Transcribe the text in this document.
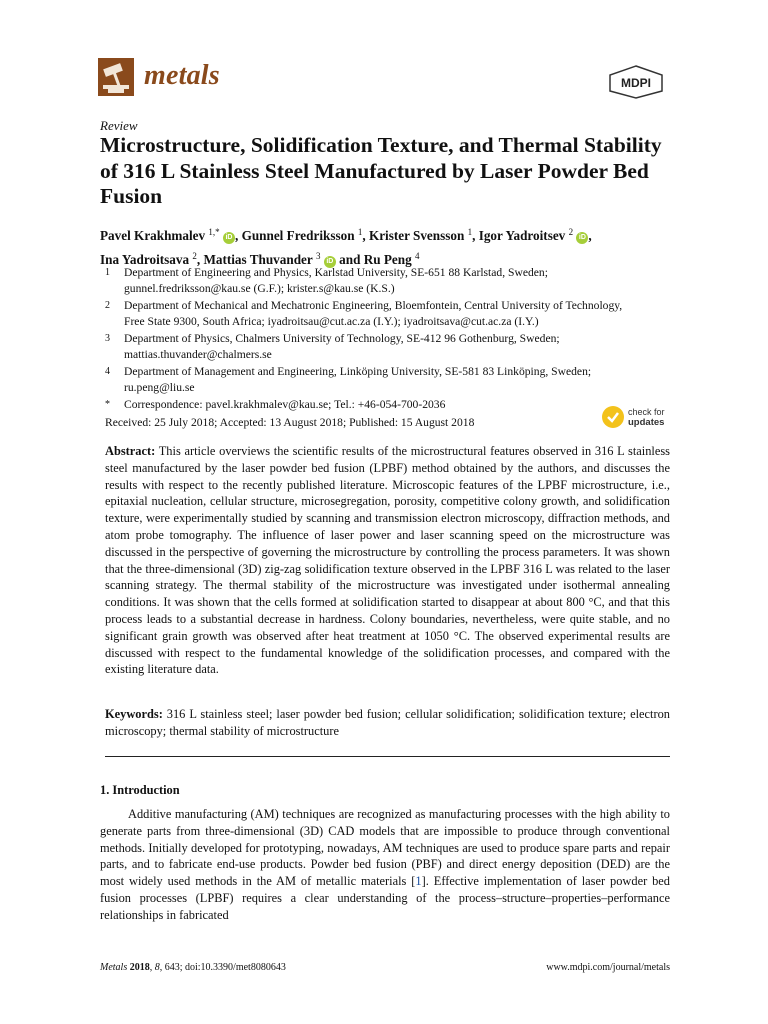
metals	MDPI
Review
Microstructure, Solidification Texture, and Thermal Stability of 316 L Stainless Steel Manufactured by Laser Powder Bed Fusion
Pavel Krakhmalev $^{1,*}$ iD , Gunnel Fredriksson $^1$, Krister Svensson $^1$, Igor Yadroitsev $^2$ iD ,
Ina Yadroitsava $^2$, Mattias Thuvander $^3$ iD and Ru Peng $^4$
1	Department of Engineering and Physics, Karlstad University, SE-651 88 Karlstad, Sweden;
gunnel.fredriksson@kau.se (G.F.); krister.s@kau.se (K.S.)
2	Department of Mechanical and Mechatronic Engineering, Bloemfontein, Central University of Technology,
Free State 9300, South Africa; iyadroitsau@cut.ac.za (I.Y.); iyadroitsava@cut.ac.za (I.Y.)
3	Department of Physics, Chalmers University of Technology, SE-412 96 Gothenburg, Sweden;
mattias.thuvander@chalmers.se
4	Department of Management and Engineering, Linköping University, SE-581 83 Linköping, Sweden;
ru.peng@liu.se
*	Correspondence: pavel.krakhmalev@kau.se; Tel.: +46-054-700-2036
Received: 25 July 2018; Accepted: 13 August 2018; Published: 15 August 2018
check for
updates
Abstract: This article overviews the scientific results of the microstructural features observed in 316 L stainless steel manufactured by the laser powder bed fusion (LPBF) method obtained by the authors, and discusses the results with respect to the recently published literature. Microscopic features of the LPBF microstructure, i.e., epitaxial nucleation, cellular structure, microsegregation, porosity, competitive colony growth, and solidification texture, were experimentally studied by scanning and transmission electron microscopy, diffraction methods, and atom probe tomography. The influence of laser power and laser scanning speed on the microstructure was discussed in the perspective of governing the microstructure by controlling the process parameters. It was shown that the three-dimensional (3D) zig-zag solidification texture observed in the LPBF 316 L was related to the laser scanning strategy. The thermal stability of the microstructure was investigated under isothermal annealing conditions. It was shown that the cells formed at solidification started to disappear at about 800 °C, and that this process leads to a substantial decrease in hardness. Colony boundaries, nevertheless, were quite stable, and no significant grain growth was observed after heat treatment at 1050 °C. The observed experimental results are discussed with respect to the fundamental knowledge of the solidification processes, and compared with the existing literature data.
Keywords: 316 L stainless steel; laser powder bed fusion; cellular solidification; solidification texture; electron microscopy; thermal stability of microstructure
1. Introduction
Additive manufacturing (AM) techniques are recognized as manufacturing processes with the high ability to generate parts from three-dimensional (3D) CAD models that are impossible to produce through conventional methods. Initially developed for prototyping, nowadays, AM techniques are used to produce spare parts and repair parts, and to fabricate end-use products. Powder bed fusion (PBF) and direct energy deposition (DED) are the most widely used methods in the AM of metallic materials [1]. Effective implementation of laser powder bed fusion processes (LPBF) requires a clear understanding of the process–structure–properties–performance relationships in fabricated
Metals 2018, 8, 643; doi:10.3390/met8080643	www.mdpi.com/journal/metals
